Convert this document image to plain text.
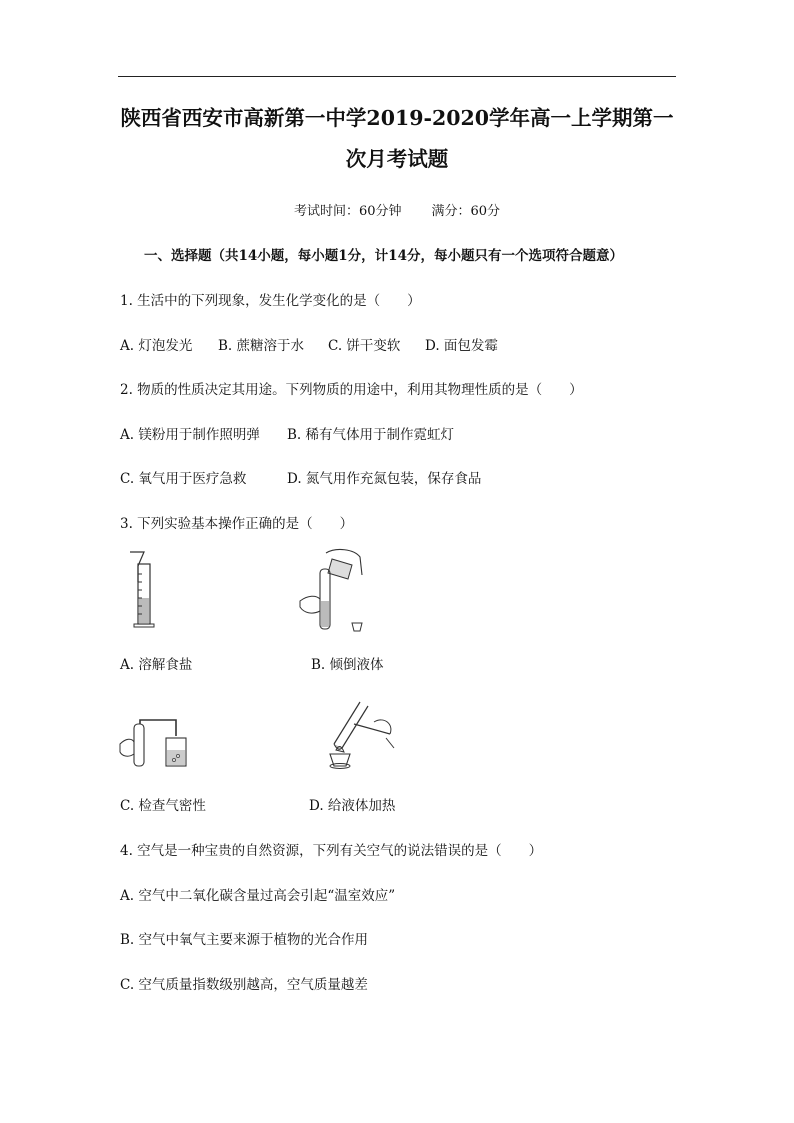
陕西省西安市高新第一中学2019-2020学年高一上学期第一
次月考试题
考试时间：60分钟 满分：60分
一、选择题（共14小题，每小题1分，计14分，每小题只有一个选项符合题意）
1. 生活中的下列现象，发生化学变化的是（　　）
A. 灯泡发光 B. 蔗糖溶于水 C. 饼干变软 D. 面包发霉
2. 物质的性质决定其用途。下列物质的用途中，利用其物理性质的是（　　）
A. 镁粉用于制作照明弹 B. 稀有气体用于制作霓虹灯
C. 氧气用于医疗急救	D. 氮气用作充氮包装，保存食品
3. 下列实验基本操作正确的是（　　）
A. 溶解食盐	B. 倾倒液体
C. 检查气密性	D. 给液体加热
4. 空气是一种宝贵的自然资源，下列有关空气的说法错误的是（　　）
A. 空气中二氧化碳含量过高会引起“温室效应”
B. 空气中氧气主要来源于植物的光合作用
C. 空气质量指数级别越高，空气质量越差
